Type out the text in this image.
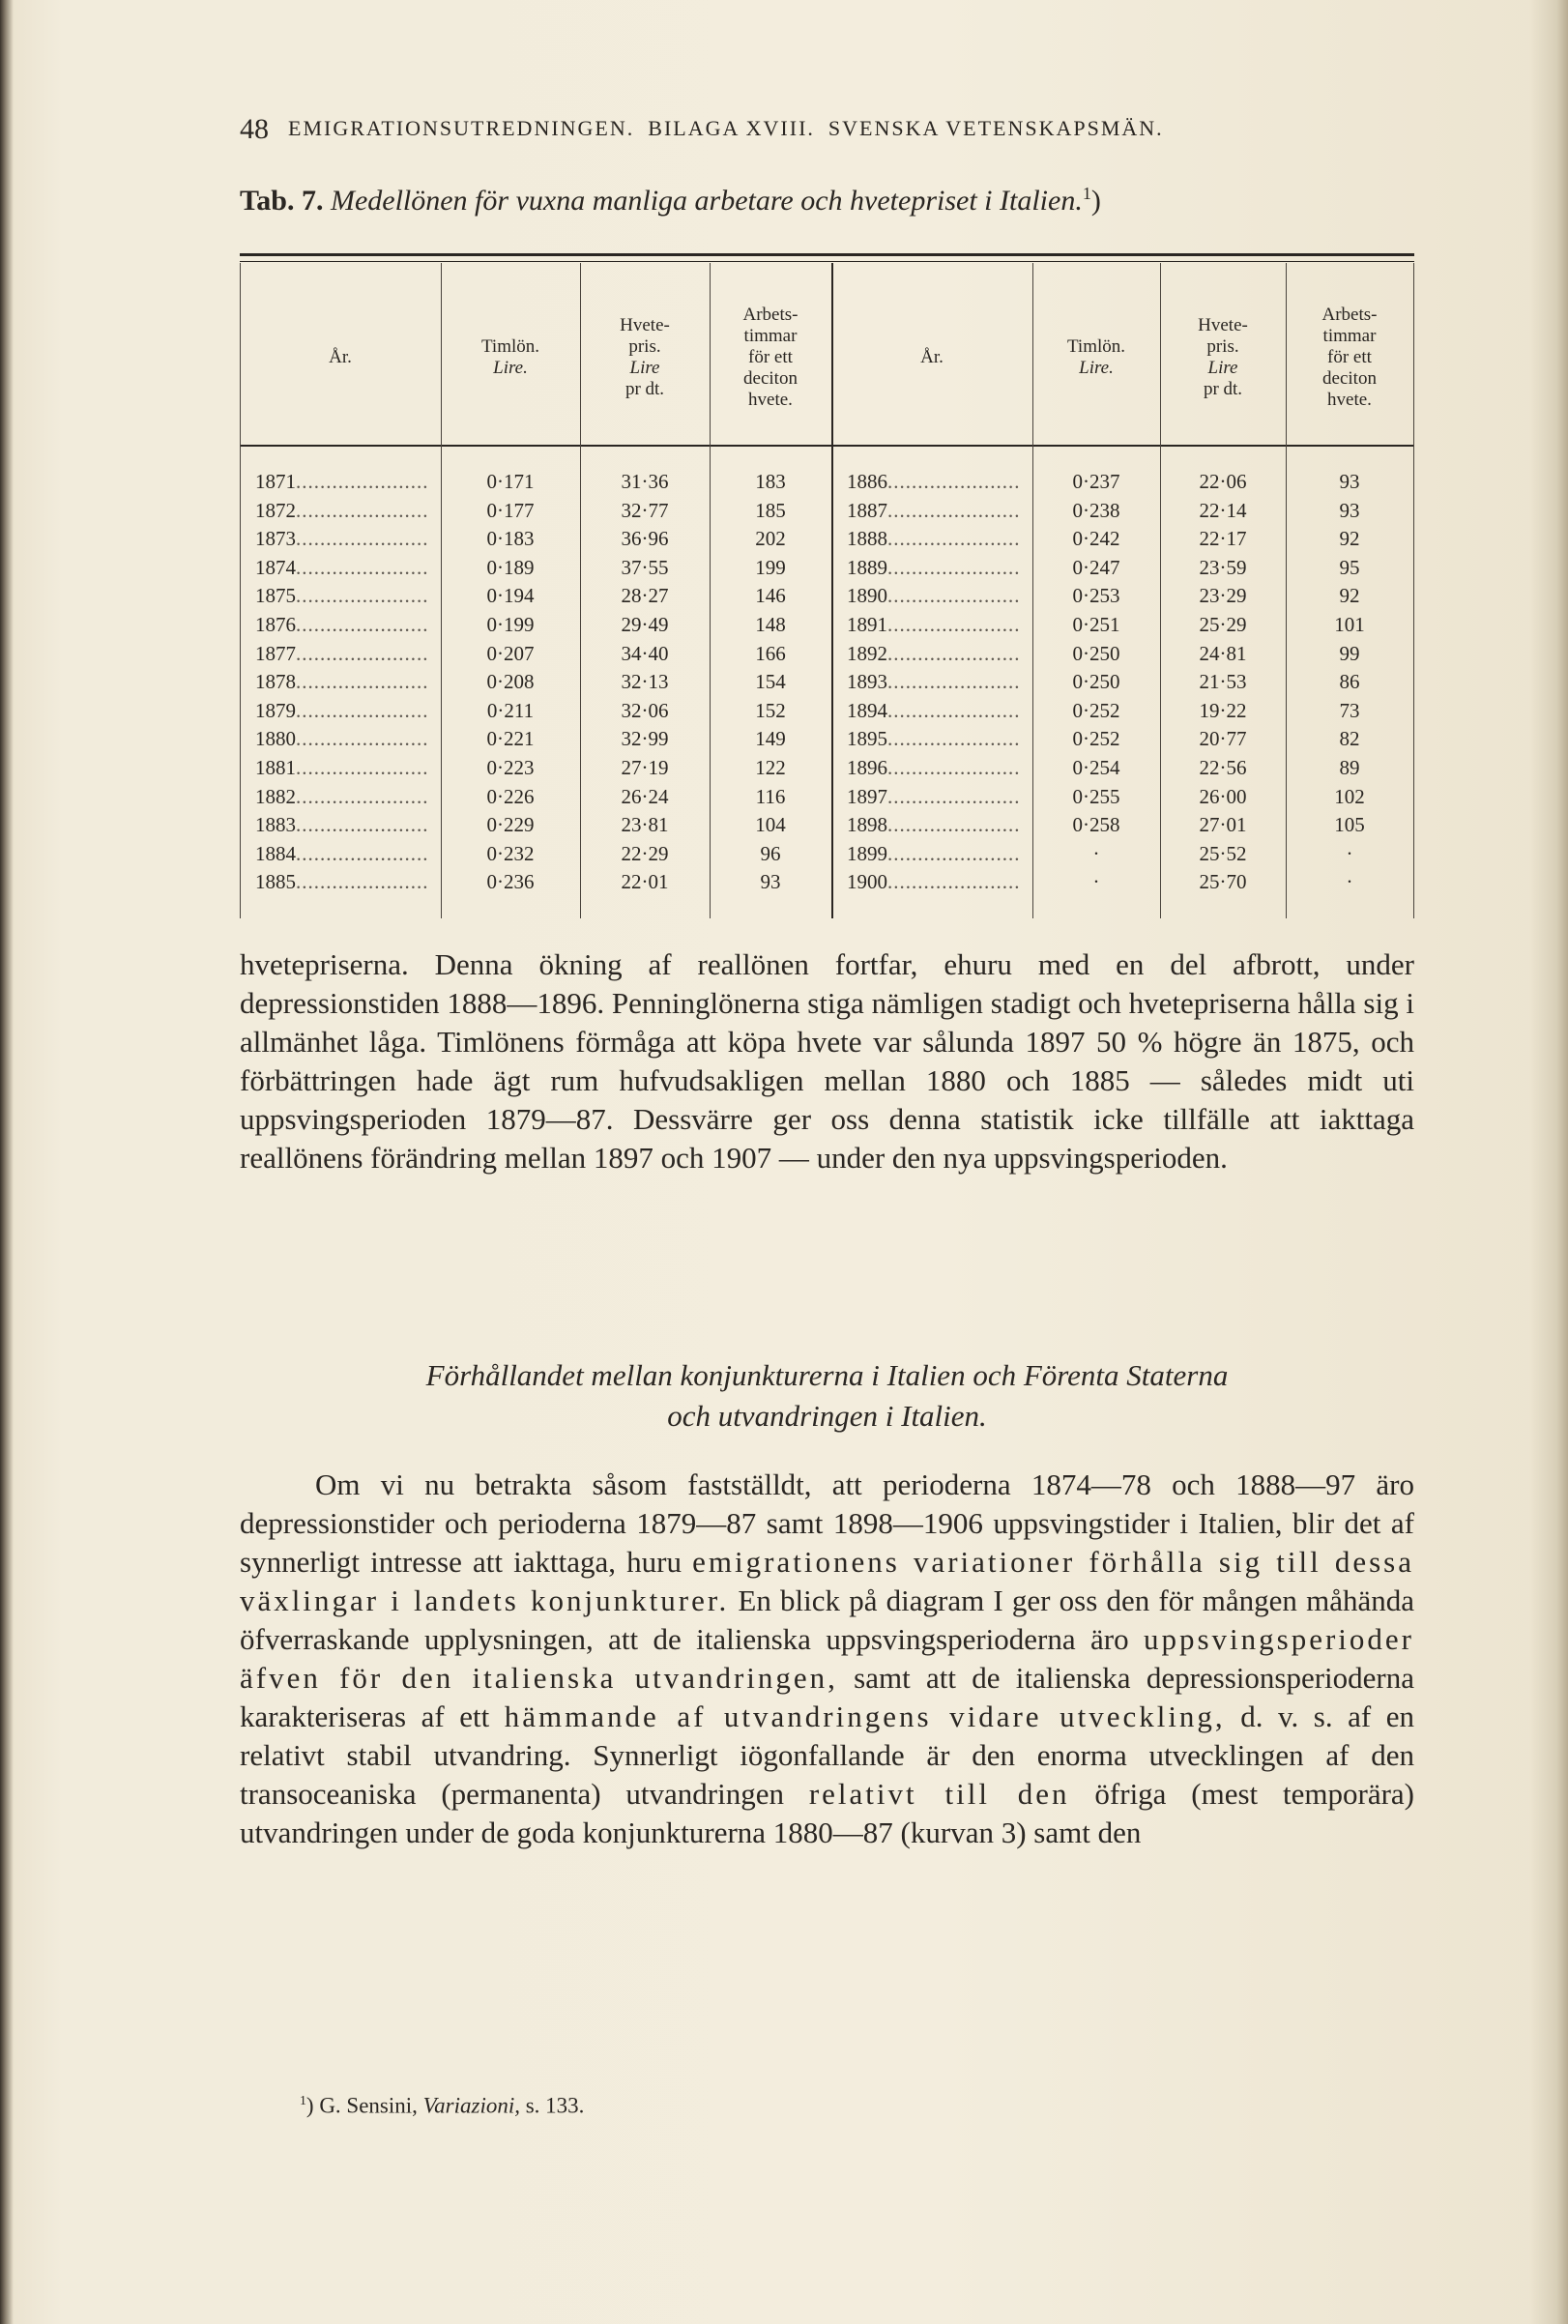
48 EMIGRATIONSUTREDNINGEN. BILAGA XVIII. SVENSKA VETENSKAPSMÄN.
Tab. 7. Medellönen för vuxna manliga arbetare och hvetepriset i Italien.$^1$)
År.
Timlön.
Lire.
Hvete-
pris.
Lire
pr dt.
Arbets-
timmar
för ett
deciton
hvete.
År.
Timlön.
Lire.
Hvete-
pris.
Lire
pr dt.
Arbets-
timmar
för ett
deciton
hvete.
1871......................
1872......................
1873......................
1874......................
1875......................
1876......................
1877......................
1878......................
1879......................
1880......................
1881......................
1882......................
1883......................
1884......................
1885......................
0·171
0·177
0·183
0·189
0·194
0·199
0·207
0·208
0·211
0·221
0·223
0·226
0·229
0·232
0·236
31·36
32·77
36·96
37·55
28·27
29·49
34·40
32·13
32·06
32·99
27·19
26·24
23·81
22·29
22·01
183
185
202
199
146
148
166
154
152
149
122
116
104
96
93
1886......................
1887......................
1888......................
1889......................
1890......................
1891......................
1892......................
1893......................
1894......................
1895......................
1896......................
1897......................
1898......................
1899......................
1900......................
0·237
0·238
0·242
0·247
0·253
0·251
0·250
0·250
0·252
0·252
0·254
0·255
0·258
·
·
22·06
22·14
22·17
23·59
23·29
25·29
24·81
21·53
19·22
20·77
22·56
26·00
27·01
25·52
25·70
93
93
92
95
92
101
99
86
73
82
89
102
105
·
·
hvetepriserna. Denna ökning af reallönen fortfar, ehuru med en del afbrott, under depressionstiden 1888—1896. Penninglönerna stiga nämligen stadigt och hvetepriserna hålla sig i allmänhet låga. Timlönens förmåga att köpa hvete var sålunda 1897 50 % högre än 1875, och förbättringen hade ägt rum hufvudsakligen mellan 1880 och 1885 — således midt uti uppsvingsperioden 1879—87. Dessvärre ger oss denna statistik icke tillfälle att iakttaga reallönens förändring mellan 1897 och 1907 — under den nya uppsvingsperioden.
Förhållandet mellan konjunkturerna i Italien och Förenta Staterna
och utvandringen i Italien.
Om vi nu betrakta såsom fastställdt, att perioderna 1874—78 och 1888—97 äro depressionstider och perioderna 1879—87 samt 1898—1906 uppsvingstider i Italien, blir det af synnerligt intresse att iakttaga, huru emigrationens variationer förhålla sig till dessa växlingar i landets konjunkturer. En blick på diagram I ger oss den för mången måhända öfverraskande upplysningen, att de italienska uppsvingsperioderna äro uppsvingsperioder äfven för den italienska utvandringen, samt att de italienska depressionsperioderna karakteriseras af ett hämmande af utvandringens vidare utveckling, d. v. s. af en relativt stabil utvandring. Synnerligt iögonfallande är den enorma utvecklingen af den transoceaniska (permanenta) utvandringen relativt till den öfriga (mest temporära) utvandringen under de goda konjunkturerna 1880—87 (kurvan 3) samt den
$^1$) G. Sensini, Variazioni, s. 133.
